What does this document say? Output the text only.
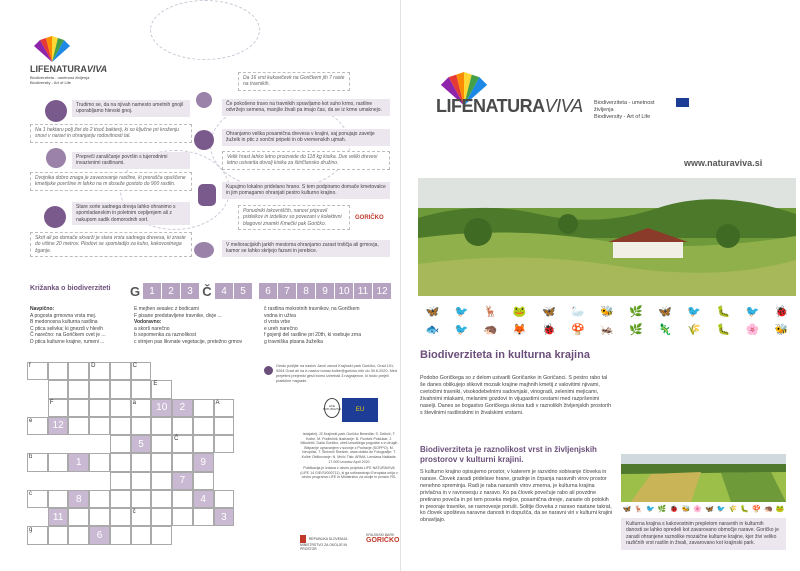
LIFENATURAVIVA
Biodiverziteta - umetnost življenja
Biodiversity - Art of Life
Trudimo se, da na njivah namesto umetnih gnojil uporabljamo hlevski gnoj.
Na 1 hektaru polj živi do 2 tisoč bakterij, ki so ključne pri kroženju snovi v naravi in ohranjanju rodovitnosti tal.
Prepreči zaraščanje površin s tujerodnimi invazivnimi rastlinami.
Dvojnika dobro znaga je zavezovanje rastline, ki prerašča opuščene kmetijske površine in lahko na m doseže gostoto do 900 rastlin.
Stare sorte sadnega drevja lahko ohranimo s spomladanskim in poletnim cepljenjem ali z nakupom sadik domorodnih sort.
Skrit ali po domače skvarži je stara vrsta sadnega drevesa, ki zraste do višine 20 metrov. Plodovi se spomladijo za kuho, kakovostnega žganje.
Da 16 vrst kukavičevk na Goričkem jih 7 raste na travnikih.
Če pokošeno travo na travnikih spravljamo kot suho krmo, rastline odvržejo semena, manjše živali pa imajo čas, da se iz krme umaknejo.
Ohranjamo velika posamična drevesa v krajini, saj ponujajo zavetje žuželk in ptic z sončni pripeki in ob vremenskih ujmah.
Velik hrast lahko letno proizvede do 118 kg kisika. Dve veliki drevesi letno ustvarita dovolj kisika za štiričlansko družino.
Kupujmo lokalno pridelano hrano. S tem podpiramo domače kmetovalce in jim pomagamo ohranjati pestro kulturno krajino.
Ponudniki lokovniščih, nanovi pripravil pridelkov in izdelkov so povezani v kolektivni blagovni znamki Kmečki pak Goričko.
GORIČKO
V melioracijskih jarkih mestoma ohranjamo zarast trstičja ali grmovja, kamor se lahko skrijejo fazani in jerebice.
Križanka o biodiverziteti G 1	2	3 Č 4	5	6	7	8	9	10 11 12
Navpično:
A pogosta grmovna vrsta mej.
B medonosna kulturna rastlina
C ptica selivka; ki gnezdi v hlevih
Č narečno: na Goričkem cvet je ...
D ptica kulturne krajine, rumeni ...
E mejhen sesalec z bodicami
F pisane predstavljene travnike, divje ...
Vodoravno:
a skorš narečno
b sopomenka za raznolikost
c strnjen pas likvnate vegetacije, pretežno grmov
č rastlina mokrotnih travnikov, na Goričkem
vodna in uživa
d vrsta vrbe
e ureh narečno
f gojenji del rastline pri 20th, ki vsebuje zrna
g travniška ptsana žuželka
f	D	C
E
F	a	10	2	A
e	12
5	Č
b	1	9
7
c	8	4
11	č	3
g	6
Gesło pošljite na naslov Javni zavod Krajinski park Goričko, Grad 191, 9264 Grad ali na e-naslov tomaz.kolbe@goricko.info do 30.6.2020. Med prejetimi prejemki gesli bomo izžrebali 3 nagrajence, ki bodo prejeli praktične nagrade.
LIFE NATURAVIVA EU
Izdajatelj: JZ Krajinski park Goričko Besedila: S. Delinič, T. Kolbe, M. Podlečnik Ilustracije: B. Ronšek Poklukar, J. Mikuletič, Dalia Goričko, zbeli izrsoblega pogodbe s in drugih Bitipanije upravanjem v sovinje z Podravje (SOPPO), M. Neupötzl, T. Šimonič Ronšek, www.dokito.de Fotografije: T. Kolbe Oblikovanje: N. Mrčić Tisk: ARMA, Lendava Naklada: 17.000 izvodov April 2020
Publikacija je izdana v okviru projekta LIFE NATURAVIVA (LIFE 14 GIE/SI/000711), ki ga sofinancirajo Evropska unija v okviru programa LIFE in Ministrstvo za okolje in prostor RS.
REPUBLIKA SLOVENIJA MINISTRSTVO ZA OKOLJE IN PROSTOR
KRAJINSKI PARK
GORIČKO
LIFENATURAVIVA Biodiverziteta - umetnost življenja
Biodiversity - Art of Life
www.naturaviva.si
🦋	🐦	🦌	🐸	🦋	🦢	🐝	🌿	🦋	🐦	🐛	🐦	🐞
🐟	🐦	🦔	🦊	🐞	🍄	🦗	🌿	🦎	🌾	🐛	🌸	🐝
Biodiverziteta in kulturna krajina
Podobo Goričkega so z delom ustvarili Goričanke in Goričanci. S pestro rabo tal še danes oblikujejo slikovit mozaik krajine majhnih kmetij z valovitimi njivami, cvetočimi travniki, visokodebelnimi sadovnjaki, vinogradi, zelenimi mejicami, živahnimi mlakami, melanimi gozdovi in vijugastimi cestami med razpršenimi naselji. Danes se bogastvo Goričkega skriva tudi v raznolikih življenjskih prostorih s številnimi rastlinskimi in živalskimi vrstami.
Biodiverziteta je raznolikost vrst in življenjskih prostorov v kulturni krajini.
S kulturno krajino opisujemo prostor, v katerem je razvidno sobivanje človeka in narave. Človek zaradi pridelave hrane, gradnje in črpanja naravnih virov prostor nenehno spreminja. Radi je raba naravnih virov zmerna, je kulturna krajina privlačna in v ravnovesju z naravo. Ko pa človek povečuje rabo ali povzdne pretirano poveča in pri tem poseka mejice, posamična drevje, zaraste ob potokih in preoraje travnike, se ravnovesje poruši. Solitje človeka z naravo nastane takrat, ko človek upošteva naravne danosti in dopušča, da se naravni viri v kulturni krajini obnavljajo.
🦋 🦌 🐦 🌿 🐞 🐝 🌸 🦋 🐦 🌾 🐛 🍄 🦔 🐸
Kulturna krajina s kakovostnim prepletom naravnih in kulturnih danosti se lahko opredeli kot zavarovano območje narave. Goričko je zaradi ohranjene raznolike mozaične kulturne krajine, kjer živi veliko različnih vrst rastlin in živali, zavarovano kot krajinski park.
